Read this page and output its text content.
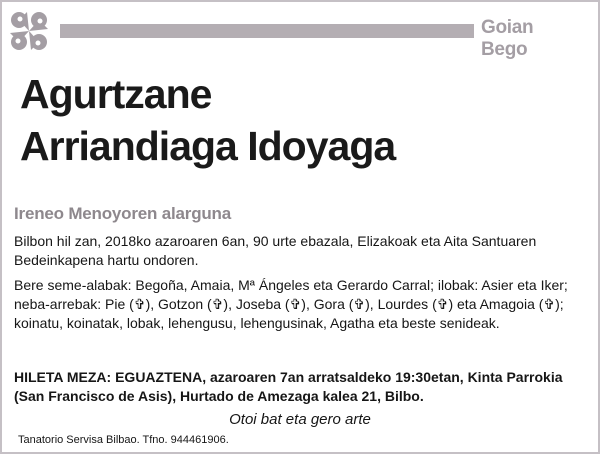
Goian Bego
Agurtzane
Arriandiaga Idoyaga

Ireneo Menoyoren alarguna

Bilbon hil zan, 2018ko azaroaren 6an, 90 urte ebazala, Elizakoak eta Aita Santuaren Bedeinkapena hartu ondoren.

Bere seme-alabak: Begoña, Amaia, Mª Ángeles eta Gerardo Carral; ilobak: Asier eta Iker; neba-arrebak: Pie (✞), Gotzon (✞), Joseba (✞), Gora (✞), Lourdes (✞) eta Amagoia (✞); koinatu, koinatak, lobak, lehengusu, lehengusinak, Agatha eta beste senideak.

HILETA MEZA: EGUAZTENA, azaroaren 7an arratsaldeko 19:30etan, Kinta Parrokia (San Francisco de Asis), Hurtado de Amezaga kalea 21, Bilbo.

Otoi bat eta gero arte
Tanatorio Servisa Bilbao. Tfno. 944461906.
